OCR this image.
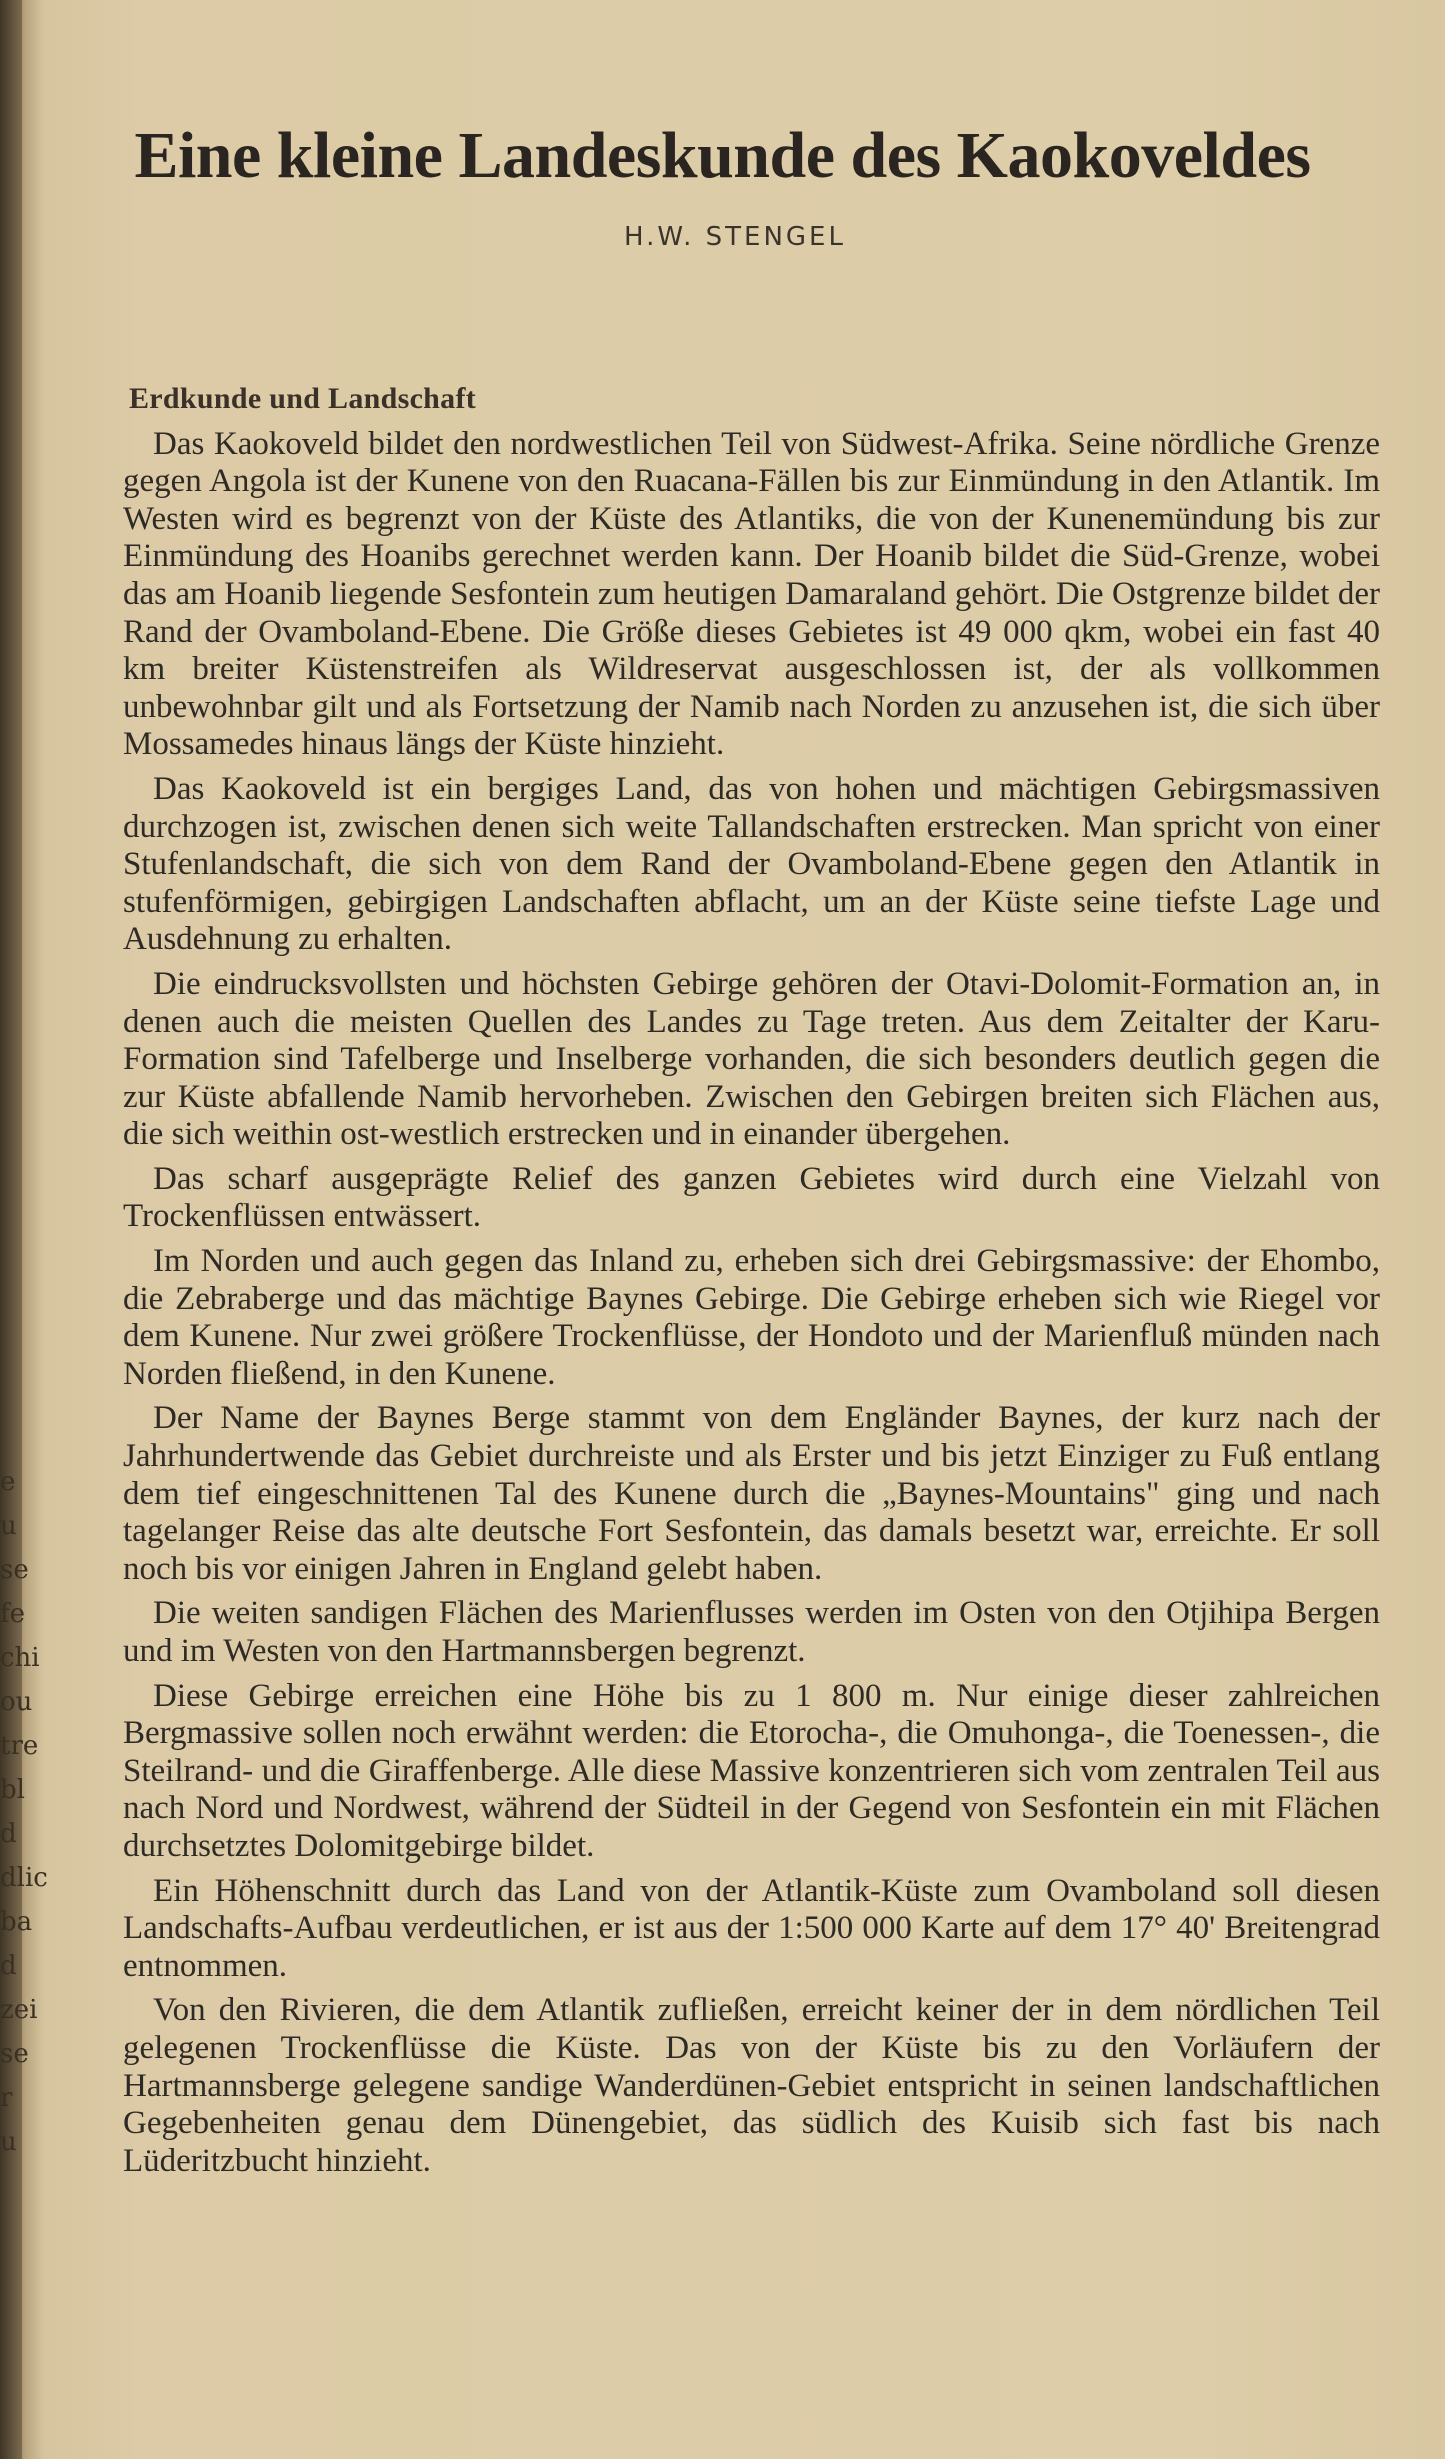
e
u
se
fe
chi
ou
tre
bl
d
dlic
ba
d
zei
se
r
u
Eine kleine Landeskunde des Kaokoveldes
H.W. STENGEL
Erdkunde und Landschaft

Das Kaokoveld bildet den nordwestlichen Teil von Südwest-Afrika. Seine nördliche Grenze gegen Angola ist der Kunene von den Ruacana-Fällen bis zur Einmündung in den Atlantik. Im Westen wird es begrenzt von der Küste des Atlantiks, die von der Kunenemündung bis zur Einmündung des Hoanibs gerechnet werden kann. Der Hoanib bildet die Süd-Grenze, wobei das am Hoanib liegende Sesfontein zum heutigen Damaraland gehört. Die Ostgrenze bildet der Rand der Ovamboland-Ebene. Die Größe dieses Gebietes ist 49 000 qkm, wobei ein fast 40 km breiter Küstenstreifen als Wildreservat ausgeschlossen ist, der als vollkommen unbewohnbar gilt und als Fortsetzung der Namib nach Norden zu anzusehen ist, die sich über Mossamedes hinaus längs der Küste hinzieht.

Das Kaokoveld ist ein bergiges Land, das von hohen und mächtigen Gebirgsmassiven durchzogen ist, zwischen denen sich weite Tallandschaften erstrecken. Man spricht von einer Stufenlandschaft, die sich von dem Rand der Ovamboland-Ebene gegen den Atlantik in stufenförmigen, gebirgigen Landschaften abflacht, um an der Küste seine tiefste Lage und Ausdehnung zu erhalten.

Die eindrucksvollsten und höchsten Gebirge gehören der Otavi-Dolomit-Formation an, in denen auch die meisten Quellen des Landes zu Tage treten. Aus dem Zeitalter der Karu-Formation sind Tafelberge und Inselberge vorhanden, die sich besonders deutlich gegen die zur Küste abfallende Namib hervorheben. Zwischen den Gebirgen breiten sich Flächen aus, die sich weithin ost-westlich erstrecken und in einander übergehen.

Das scharf ausgeprägte Relief des ganzen Gebietes wird durch eine Vielzahl von Trockenflüssen entwässert.

Im Norden und auch gegen das Inland zu, erheben sich drei Gebirgsmassive: der Ehombo, die Zebraberge und das mächtige Baynes Gebirge. Die Gebirge erheben sich wie Riegel vor dem Kunene. Nur zwei größere Trockenflüsse, der Hondoto und der Marienfluß münden nach Norden fließend, in den Kunene.

Der Name der Baynes Berge stammt von dem Engländer Baynes, der kurz nach der Jahrhundertwende das Gebiet durchreiste und als Erster und bis jetzt Einziger zu Fuß entlang dem tief eingeschnittenen Tal des Kunene durch die „Baynes-Mountains" ging und nach tagelanger Reise das alte deutsche Fort Sesfontein, das damals besetzt war, erreichte. Er soll noch bis vor einigen Jahren in England gelebt haben.

Die weiten sandigen Flächen des Marienflusses werden im Osten von den Otjihipa Bergen und im Westen von den Hartmannsbergen begrenzt.

Diese Gebirge erreichen eine Höhe bis zu 1 800 m. Nur einige dieser zahlreichen Bergmassive sollen noch erwähnt werden: die Etorocha-, die Omuhonga-, die Toenessen-, die Steilrand- und die Giraffenberge. Alle diese Massive konzentrieren sich vom zentralen Teil aus nach Nord und Nordwest, während der Südteil in der Gegend von Sesfontein ein mit Flächen durchsetztes Dolomitgebirge bildet.

Ein Höhenschnitt durch das Land von der Atlantik-Küste zum Ovamboland soll diesen Landschafts-Aufbau verdeutlichen, er ist aus der 1:500 000 Karte auf dem 17° 40' Breitengrad entnommen.

Von den Rivieren, die dem Atlantik zufließen, erreicht keiner der in dem nördlichen Teil gelegenen Trockenflüsse die Küste. Das von der Küste bis zu den Vorläufern der Hartmannsberge gelegene sandige Wanderdünen-Gebiet entspricht in seinen landschaftlichen Gegebenheiten genau dem Dünengebiet, das südlich des Kuisib sich fast bis nach Lüderitzbucht hinzieht.
